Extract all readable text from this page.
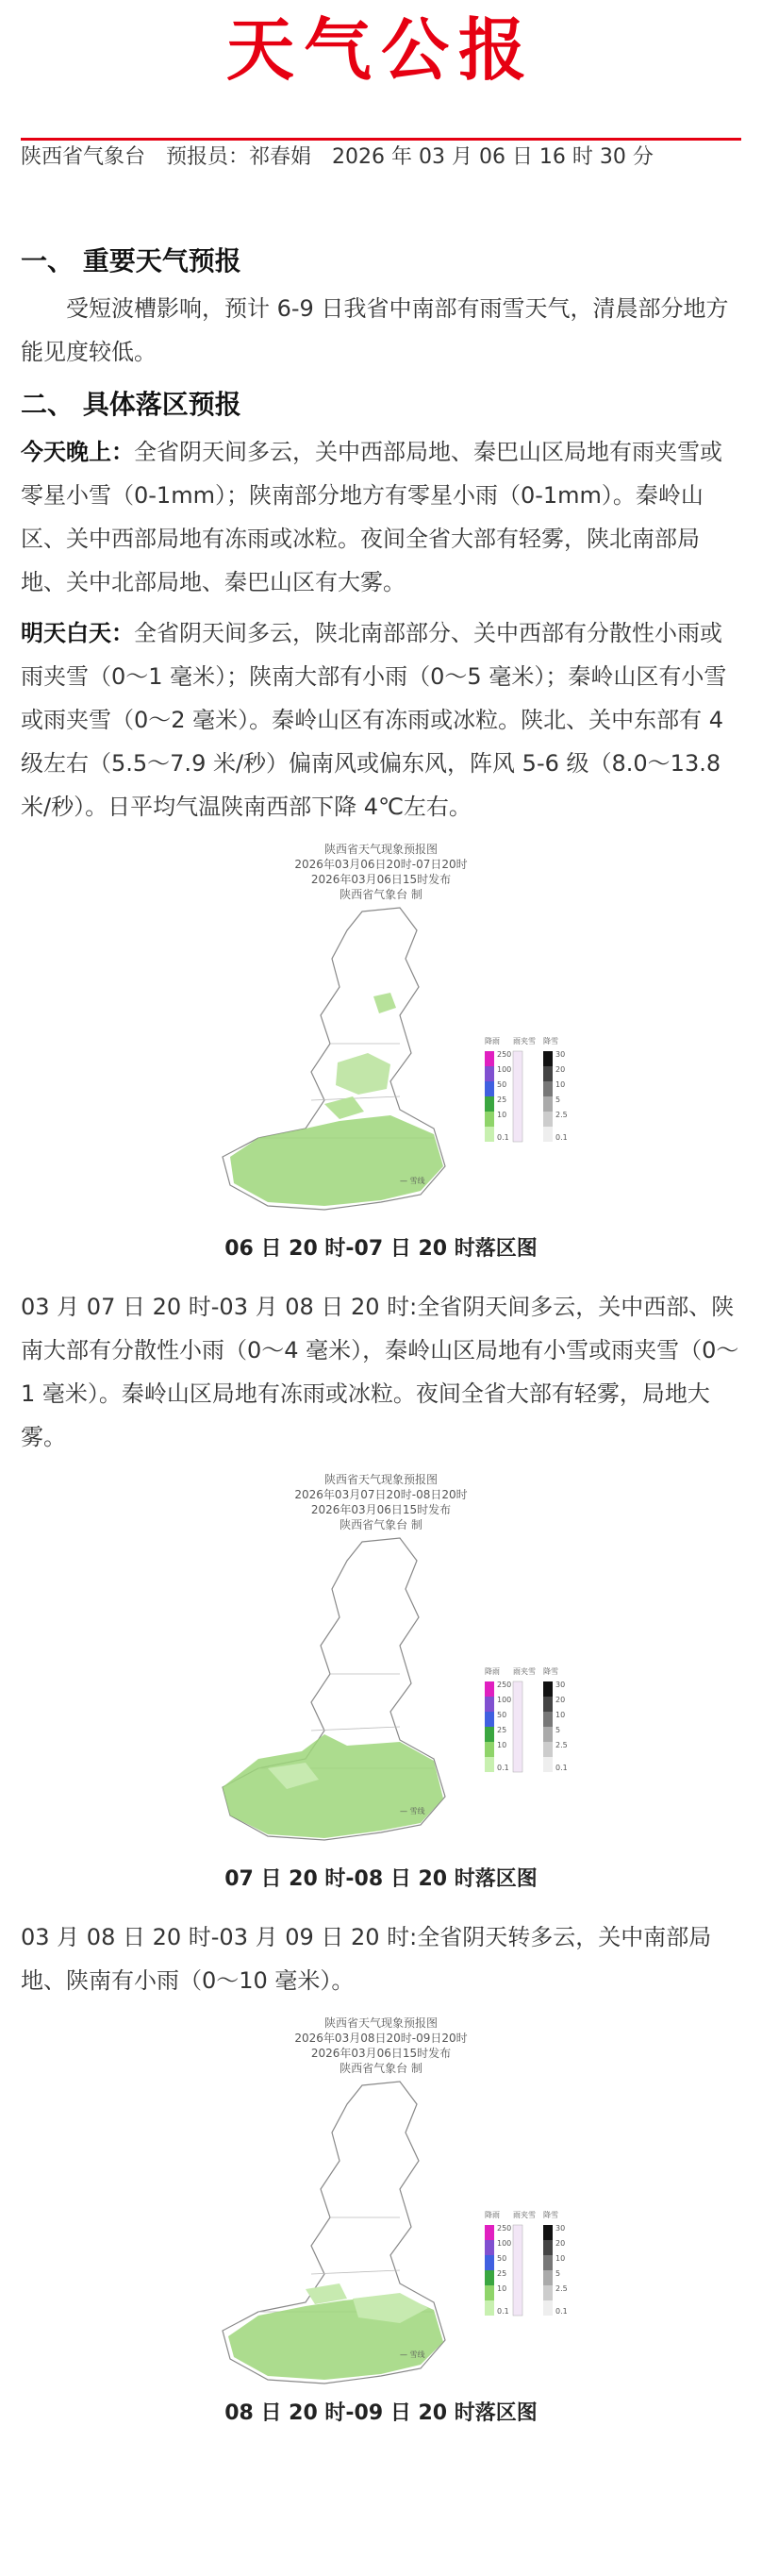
天气公报
陕西省气象台　预报员：祁春娟　2026 年 03 月 06 日 16 时 30 分
一、 重要天气预报

受短波槽影响，预计 6-9 日我省中南部有雨雪天气，清晨部分地方能见度较低。

二、 具体落区预报

今天晚上：全省阴天间多云，关中西部局地、秦巴山区局地有雨夹雪或零星小雪（0-1mm）；陕南部分地方有零星小雨（0-1mm）。秦岭山区、关中西部局地有冻雨或冰粒。夜间全省大部有轻雾，陕北南部局地、关中北部局地、秦巴山区有大雾。

明天白天：全省阴天间多云，陕北南部部分、关中西部有分散性小雨或雨夹雪（0～1 毫米）；陕南大部有小雨（0～5 毫米）；秦岭山区有小雪或雨夹雪（0～2 毫米）。秦岭山区有冻雨或冰粒。陕北、关中东部有 4 级左右（5.5～7.9 米/秒）偏南风或偏东风，阵风 5-6 级（8.0～13.8 米/秒）。日平均气温陕南西部下降 4℃左右。

陕西省天气现象预报图
2026年03月06日20时-07日20时
2026年03月06日15时发布
陕西省气象台 制
降雨 雨夹雪 降雪
250
100
50
25
10
0.1
30
20
10
5
2.5
0.1
— 雪线
06 日 20 时-07 日 20 时落区图

03 月 07 日 20 时-03 月 08 日 20 时:全省阴天间多云，关中西部、陕南大部有分散性小雨（0～4 毫米），秦岭山区局地有小雪或雨夹雪（0～1 毫米）。秦岭山区局地有冻雨或冰粒。夜间全省大部有轻雾，局地大雾。

陕西省天气现象预报图
2026年03月07日20时-08日20时
2026年03月06日15时发布
陕西省气象台 制
降雨 雨夹雪 降雪
250
100
50
25
10
0.1
30
20
10
5
2.5
0.1
— 雪线
07 日 20 时-08 日 20 时落区图

03 月 08 日 20 时-03 月 09 日 20 时:全省阴天转多云，关中南部局地、陕南有小雨（0～10 毫米）。

陕西省天气现象预报图
2026年03月08日20时-09日20时
2026年03月06日15时发布
陕西省气象台 制
降雨 雨夹雪 降雪
250
100
50
25
10
0.1
30
20
10
5
2.5
0.1
— 雪线
08 日 20 时-09 日 20 时落区图
